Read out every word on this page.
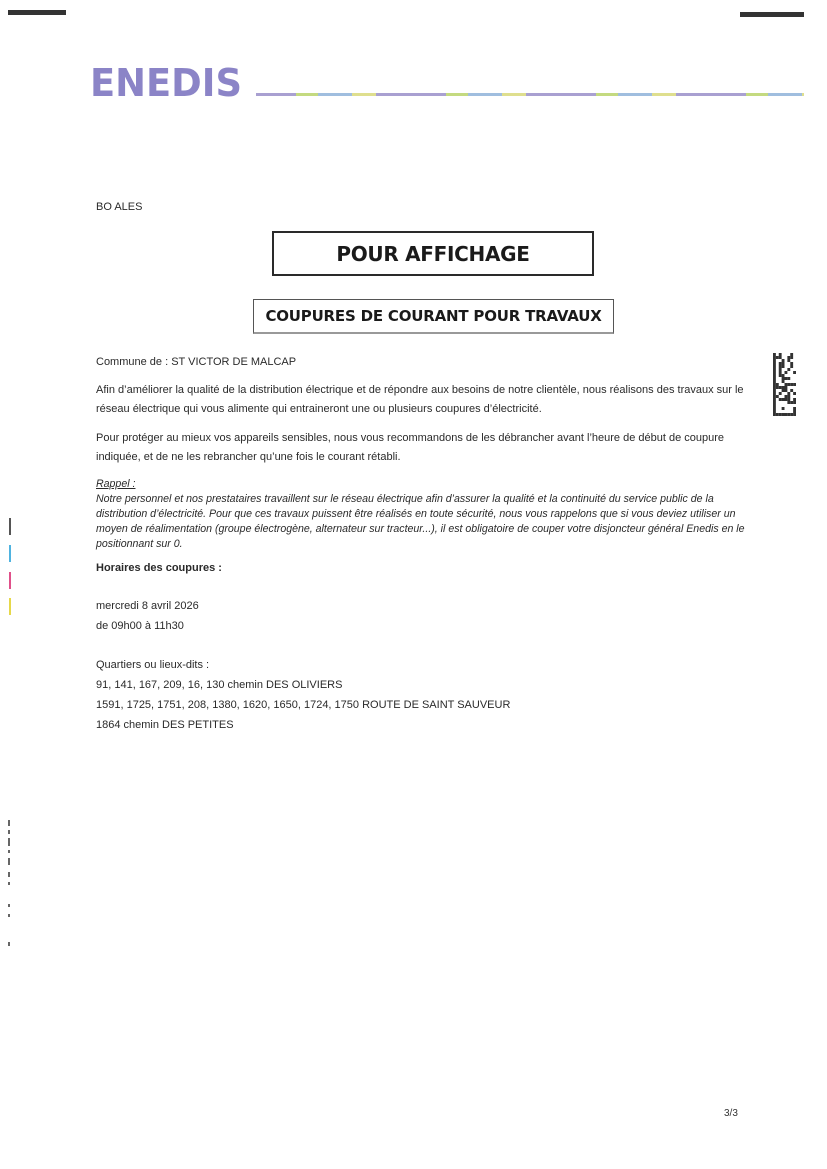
ENEDIS
BO ALES
POUR AFFICHAGE
COUPURES DE COURANT POUR TRAVAUX
Commune de : ST VICTOR DE MALCAP
Afin d’améliorer la qualité de la distribution électrique et de répondre aux besoins de notre clientèle, nous réalisons des travaux sur le réseau électrique qui vous alimente qui entraineront une ou plusieurs coupures d’électricité.
Pour protéger au mieux vos appareils sensibles, nous vous recommandons de les débrancher avant l’heure de début de coupure indiquée, et de ne les rebrancher qu’une fois le courant rétabli.
Rappel :
Notre personnel et nos prestataires travaillent sur le réseau électrique afin d’assurer la qualité et la continuité du service public de la distribution d’électricité. Pour que ces travaux puissent être réalisés en toute sécurité, nous vous rappelons que si vous deviez utiliser un moyen de réalimentation (groupe électrogène, alternateur sur tracteur...), il est obligatoire de couper votre disjoncteur général Enedis en le positionnant sur 0.
Horaires des coupures :
mercredi 8 avril 2026
de 09h00 à 11h30
Quartiers ou lieux-dits :
91, 141, 167, 209, 16, 130 chemin DES OLIVIERS
1591, 1725, 1751, 208, 1380, 1620, 1650, 1724, 1750 ROUTE DE SAINT SAUVEUR
1864 chemin DES PETITES
3/3
